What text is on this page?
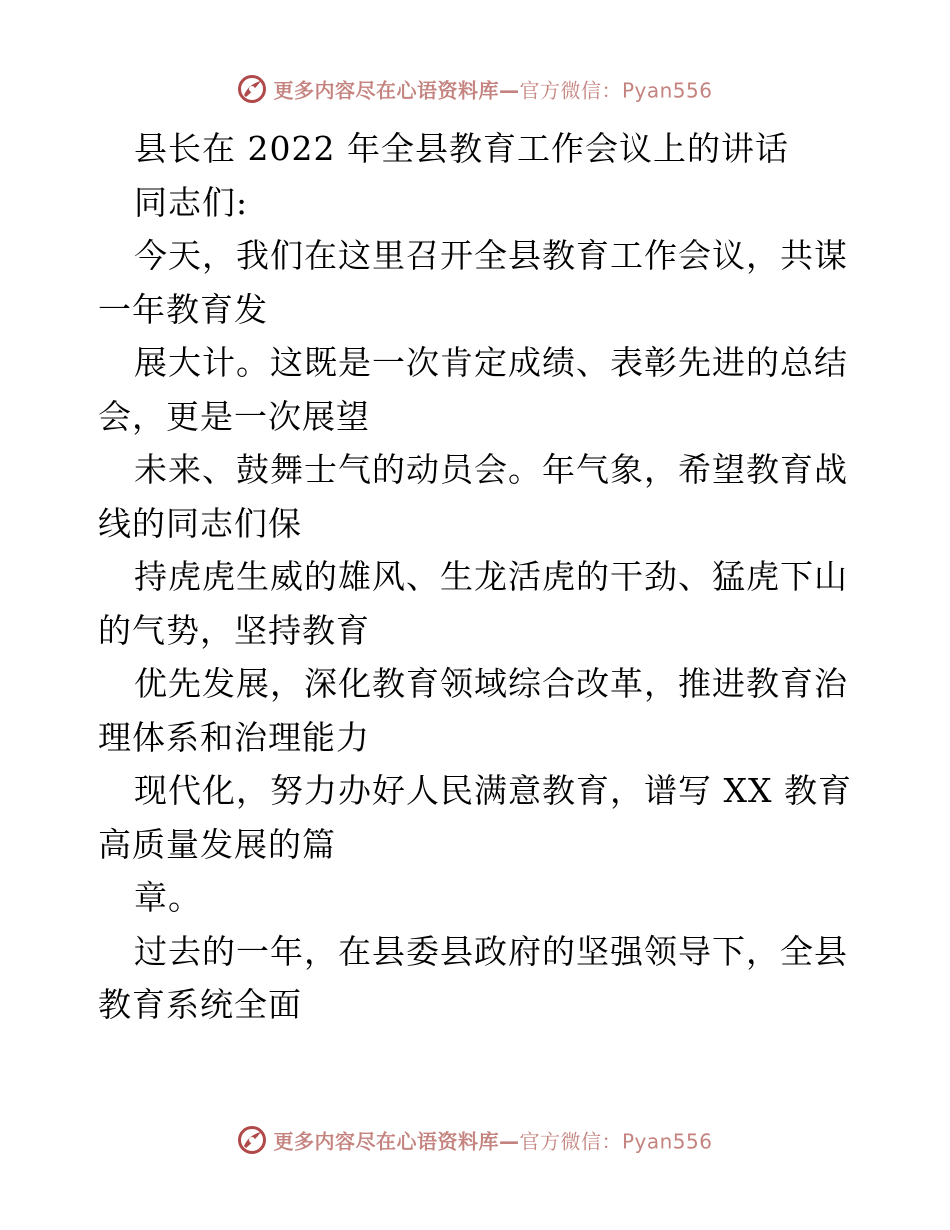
更多内容尽在心语资料库—官方微信：Pyan556
县长在 2022 年全县教育工作会议上的讲话
同志们:
今天，我们在这里召开全县教育工作会议，共谋
一年教育发
展大计。这既是一次肯定成绩、表彰先进的总结
会，更是一次展望
未来、鼓舞士气的动员会。年气象，希望教育战
线的同志们保
持虎虎生威的雄风、生龙活虎的干劲、猛虎下山
的气势，坚持教育
优先发展，深化教育领域综合改革，推进教育治
理体系和治理能力
现代化，努力办好人民满意教育，谱写 XX 教育
高质量发展的篇
章。
过去的一年，在县委县政府的坚强领导下，全县
教育系统全面
更多内容尽在心语资料库—官方微信：Pyan556
